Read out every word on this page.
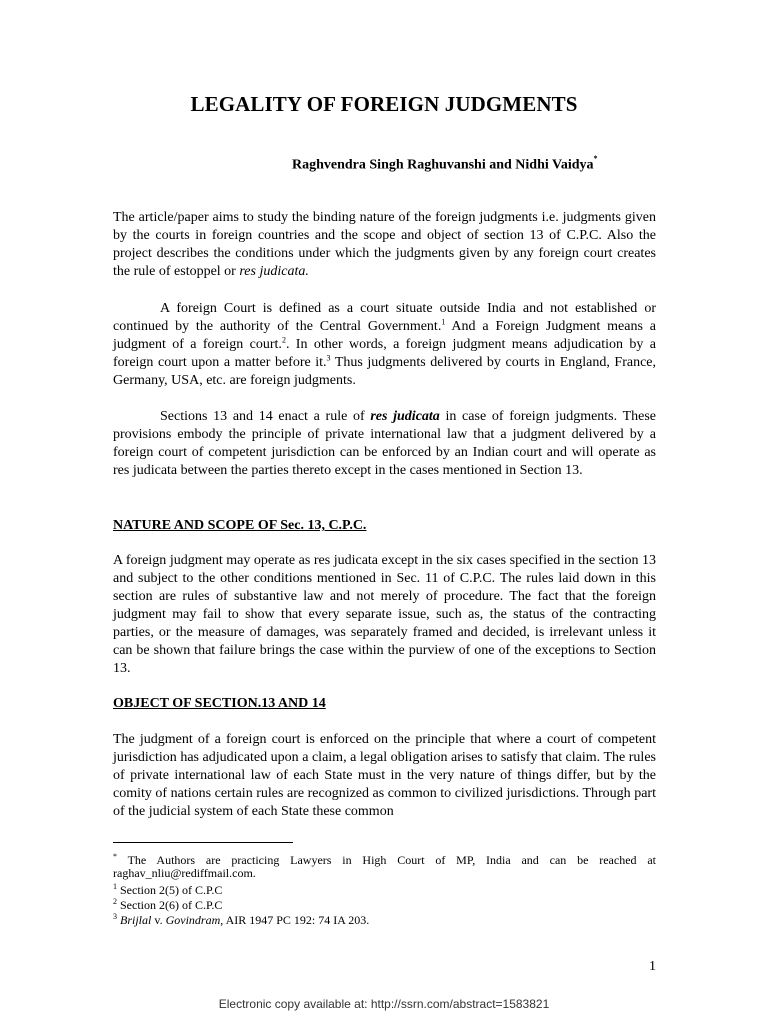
LEGALITY OF FOREIGN JUDGMENTS
Raghvendra Singh Raghuvanshi and Nidhi Vaidya*

The article/paper aims to study the binding nature of the foreign judgments i.e. judgments given by the courts in foreign countries and the scope and object of section 13 of C.P.C. Also the project describes the conditions under which the judgments given by any foreign court creates the rule of estoppel or res judicata.

A foreign Court is defined as a court situate outside India and not established or continued by the authority of the Central Government.$^1$ And a Foreign Judgment means a judgment of a foreign court.$^2$. In other words, a foreign judgment means adjudication by a foreign court upon a matter before it.$^3$ Thus judgments delivered by courts in England, France, Germany, USA, etc. are foreign judgments.

Sections 13 and 14 enact a rule of res judicata in case of foreign judgments. These provisions embody the principle of private international law that a judgment delivered by a foreign court of competent jurisdiction can be enforced by an Indian court and will operate as res judicata between the parties thereto except in the cases mentioned in Section 13.

NATURE AND SCOPE OF Sec. 13, C.P.C.

A foreign judgment may operate as res judicata except in the six cases specified in the section 13 and subject to the other conditions mentioned in Sec. 11 of C.P.C. The rules laid down in this section are rules of substantive law and not merely of procedure. The fact that the foreign judgment may fail to show that every separate issue, such as, the status of the contracting parties, or the measure of damages, was separately framed and decided, is irrelevant unless it can be shown that failure brings the case within the purview of one of the exceptions to Section 13.

OBJECT OF SECTION.13 AND 14

The judgment of a foreign court is enforced on the principle that where a court of competent jurisdiction has adjudicated upon a claim, a legal obligation arises to satisfy that claim. The rules of private international law of each State must in the very nature of things differ, but by the comity of nations certain rules are recognized as common to civilized jurisdictions. Through part of the judicial system of each State these common

* The Authors are practicing Lawyers in High Court of MP, India and can be reached at raghav_nliu@rediffmail.com.

$^1$ Section 2(5) of C.P.C

$^2$ Section 2(6) of C.P.C

$^3$ Brijlal v. Govindram, AIR 1947 PC 192: 74 IA 203.

1
Electronic copy available at: http://ssrn.com/abstract=1583821
